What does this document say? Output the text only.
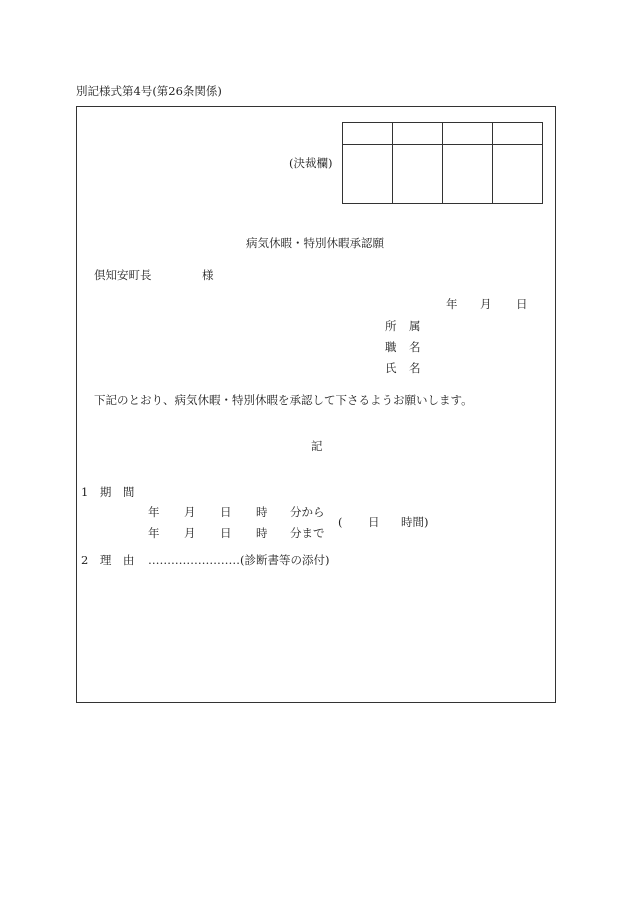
別記様式第4号(第26条関係)
(決裁欄)

病気休暇・特別休暇承認願
倶知安町長	様
年 月 日
所 属
職 名
氏 名
下記のとおり、病気休暇・特別休暇を承認して下さるようお願いします。
記
1　期　間
年 月 日 時 分から
年 月 日 時 分まで
( 日 時間)
2　理　由 ……………………(診断書等の添付)
